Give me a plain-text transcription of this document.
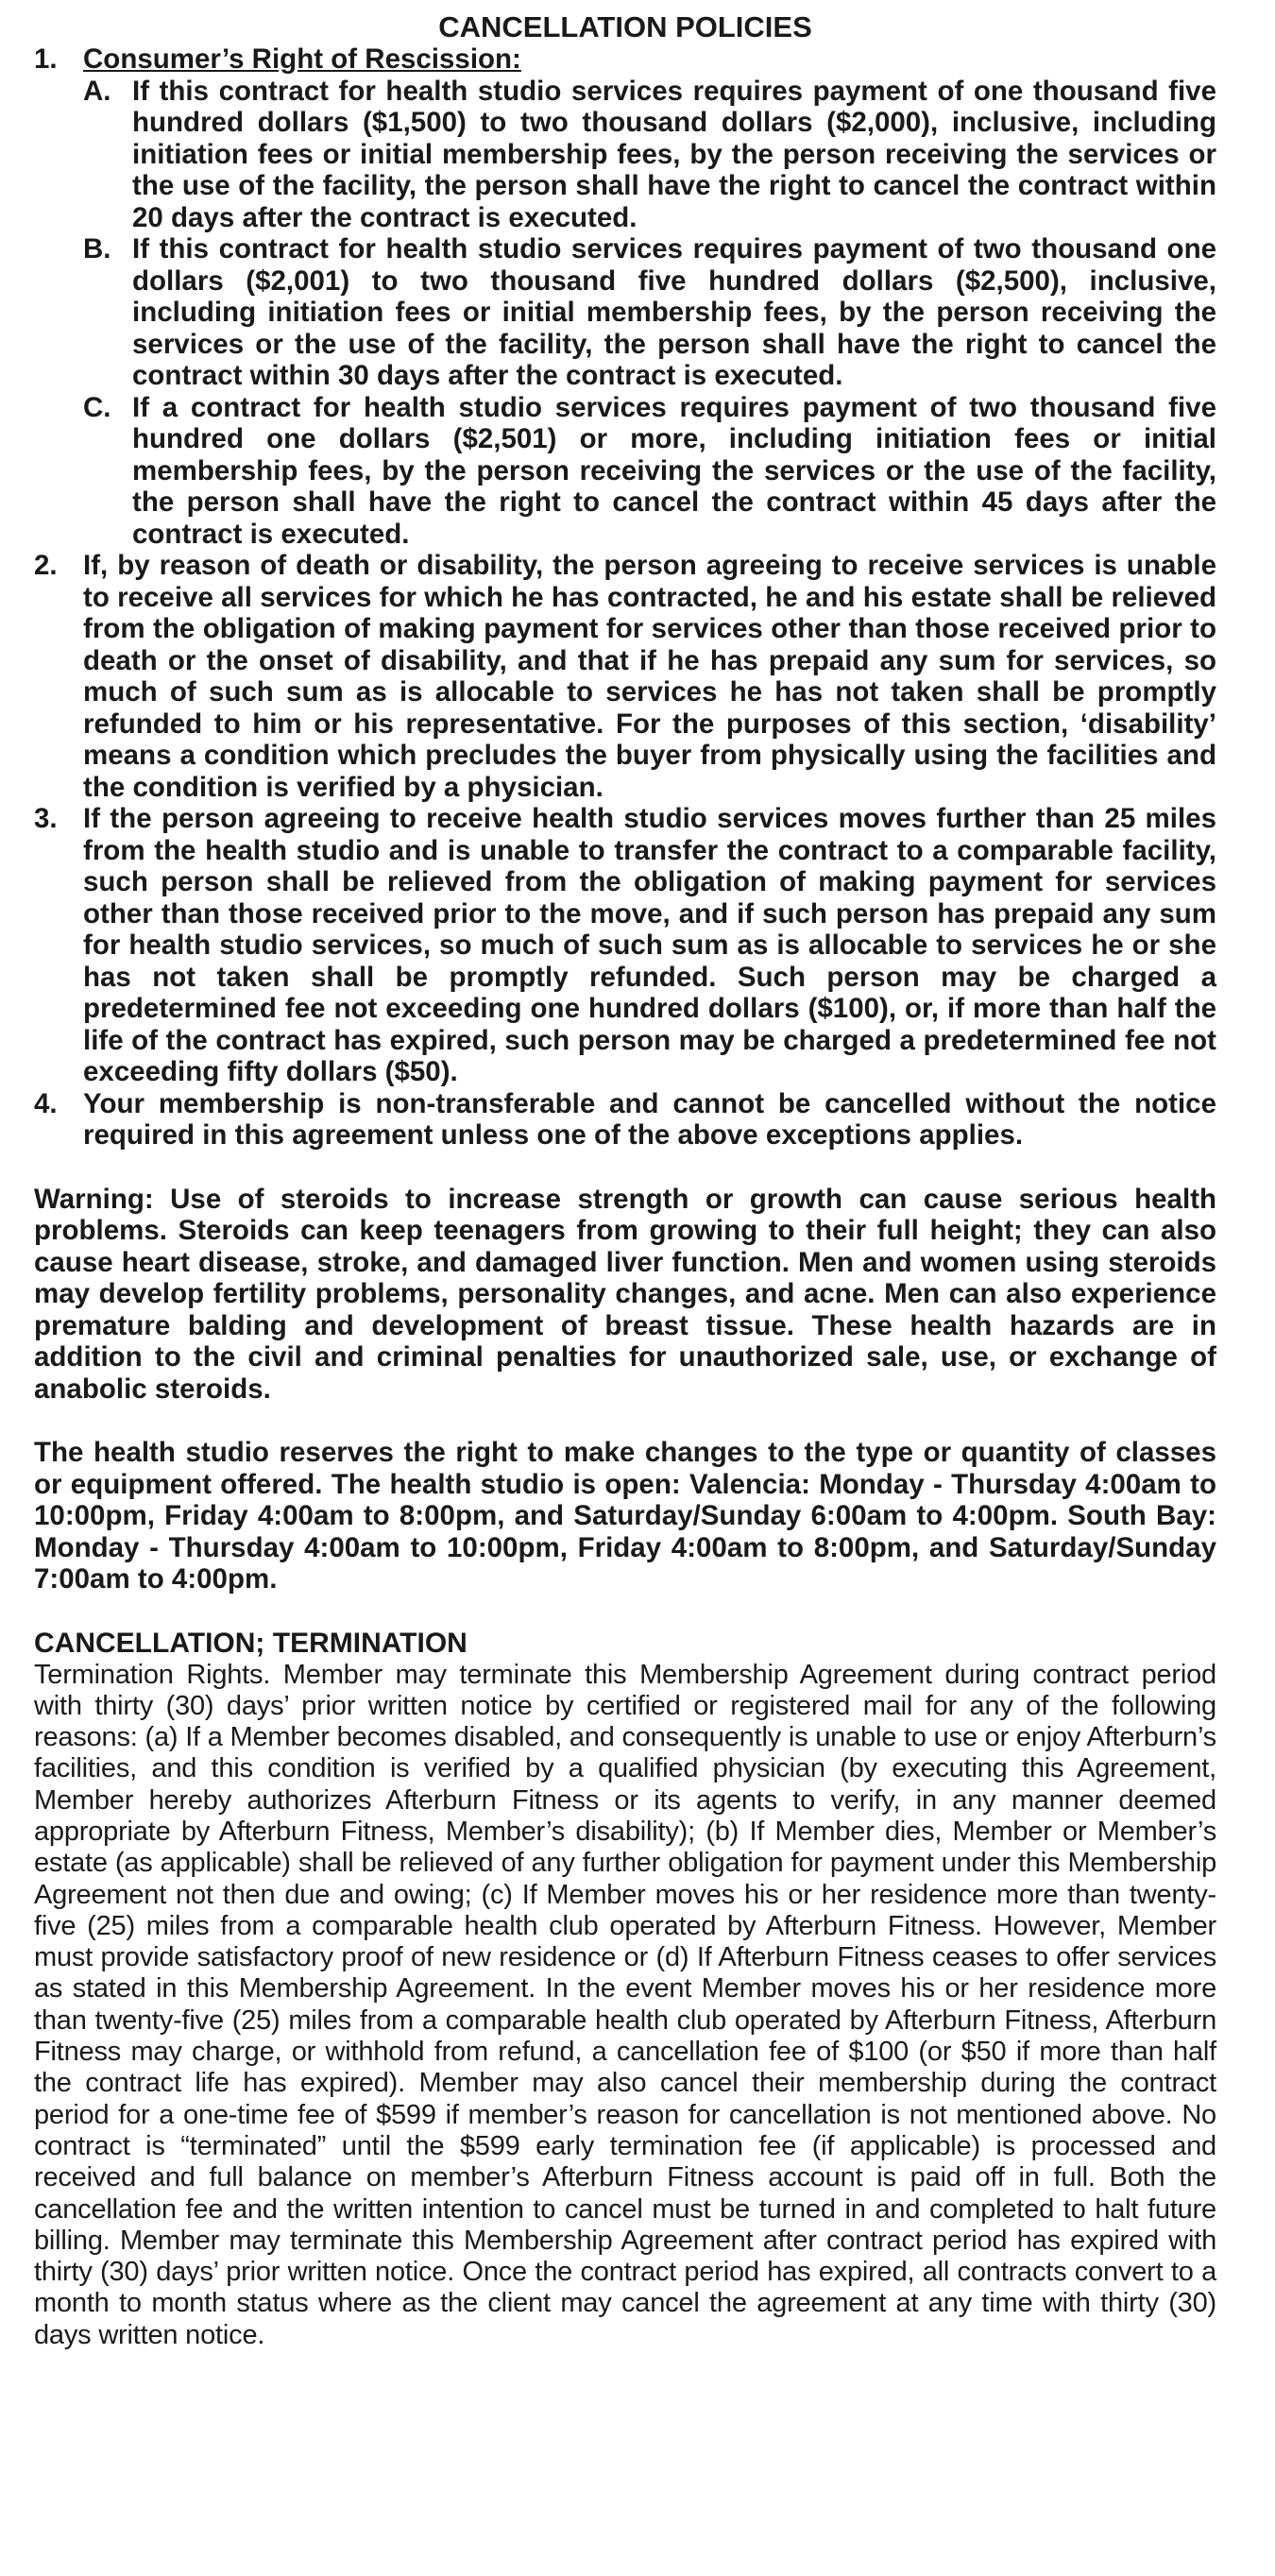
CANCELLATION POLICIES
1. Consumer’s Right of Rescission:
A. If this contract for health studio services requires payment of one thousand five hundred dollars ($1,500) to two thousand dollars ($2,000), inclusive, including initiation fees or initial membership fees, by the person receiving the services or the use of the facility, the person shall have the right to cancel the contract within 20 days after the contract is executed.
B. If this contract for health studio services requires payment of two thousand one dollars ($2,001) to two thousand five hundred dollars ($2,500), inclusive, including initiation fees or initial membership fees, by the person receiving the services or the use of the facility, the person shall have the right to cancel the contract within 30 days after the contract is executed.
C. If a contract for health studio services requires payment of two thousand five hundred one dollars ($2,501) or more, including initiation fees or initial membership fees, by the person receiving the services or the use of the facility, the person shall have the right to cancel the contract within 45 days after the contract is executed.
2. If, by reason of death or disability, the person agreeing to receive services is unable to receive all services for which he has contracted, he and his estate shall be relieved from the obligation of making payment for services other than those received prior to death or the onset of disability, and that if he has prepaid any sum for services, so much of such sum as is allocable to services he has not taken shall be promptly refunded to him or his representative. For the purposes of this section, ‘disability’ means a condition which precludes the buyer from physically using the facilities and the condition is verified by a physician.
3. If the person agreeing to receive health studio services moves further than 25 miles from the health studio and is unable to transfer the contract to a comparable facility, such person shall be relieved from the obligation of making payment for services other than those received prior to the move, and if such person has prepaid any sum for health studio services, so much of such sum as is allocable to services he or she has not taken shall be promptly refunded. Such person may be charged a predetermined fee not exceeding one hundred dollars ($100), or, if more than half the life of the contract has expired, such person may be charged a predetermined fee not exceeding fifty dollars ($50).
4. Your membership is non-transferable and cannot be cancelled without the notice required in this agreement unless one of the above exceptions applies.
Warning: Use of steroids to increase strength or growth can cause serious health problems. Steroids can keep teenagers from growing to their full height; they can also cause heart disease, stroke, and damaged liver function. Men and women using steroids may develop fertility problems, personality changes, and acne. Men can also experience premature balding and development of breast tissue. These health hazards are in addition to the civil and criminal penalties for unauthorized sale, use, or exchange of anabolic steroids.
The health studio reserves the right to make changes to the type or quantity of classes or equipment offered. The health studio is open: Valencia: Monday - Thursday 4:00am to 10:00pm, Friday 4:00am to 8:00pm, and Saturday/Sunday 6:00am to 4:00pm. South Bay: Monday - Thursday 4:00am to 10:00pm, Friday 4:00am to 8:00pm, and Saturday/Sunday 7:00am to 4:00pm.
CANCELLATION; TERMINATION
Termination Rights. Member may terminate this Membership Agreement during contract period with thirty (30) days’ prior written notice by certified or registered mail for any of the following reasons: (a) If a Member becomes disabled, and consequently is unable to use or enjoy Afterburn’s facilities, and this condition is verified by a qualified physician (by executing this Agreement, Member hereby authorizes Afterburn Fitness or its agents to verify, in any manner deemed appropriate by Afterburn Fitness, Member’s disability); (b) If Member dies, Member or Member’s estate (as applicable) shall be relieved of any further obligation for payment under this Membership Agreement not then due and owing; (c) If Member moves his or her residence more than twenty-five (25) miles from a comparable health club operated by Afterburn Fitness. However, Member must provide satisfactory proof of new residence or (d) If Afterburn Fitness ceases to offer services as stated in this Membership Agreement. In the event Member moves his or her residence more than twenty-five (25) miles from a comparable health club operated by Afterburn Fitness, Afterburn Fitness may charge, or withhold from refund, a cancellation fee of $100 (or $50 if more than half the contract life has expired). Member may also cancel their membership during the contract period for a one-time fee of $599 if member’s reason for cancellation is not mentioned above. No contract is “terminated” until the $599 early termination fee (if applicable) is processed and received and full balance on member’s Afterburn Fitness account is paid off in full. Both the cancellation fee and the written intention to cancel must be turned in and completed to halt future billing. Member may terminate this Membership Agreement after contract period has expired with thirty (30) days’ prior written notice. Once the contract period has expired, all contracts convert to a month to month status where as the client may cancel the agreement at any time with thirty (30) days written notice.
